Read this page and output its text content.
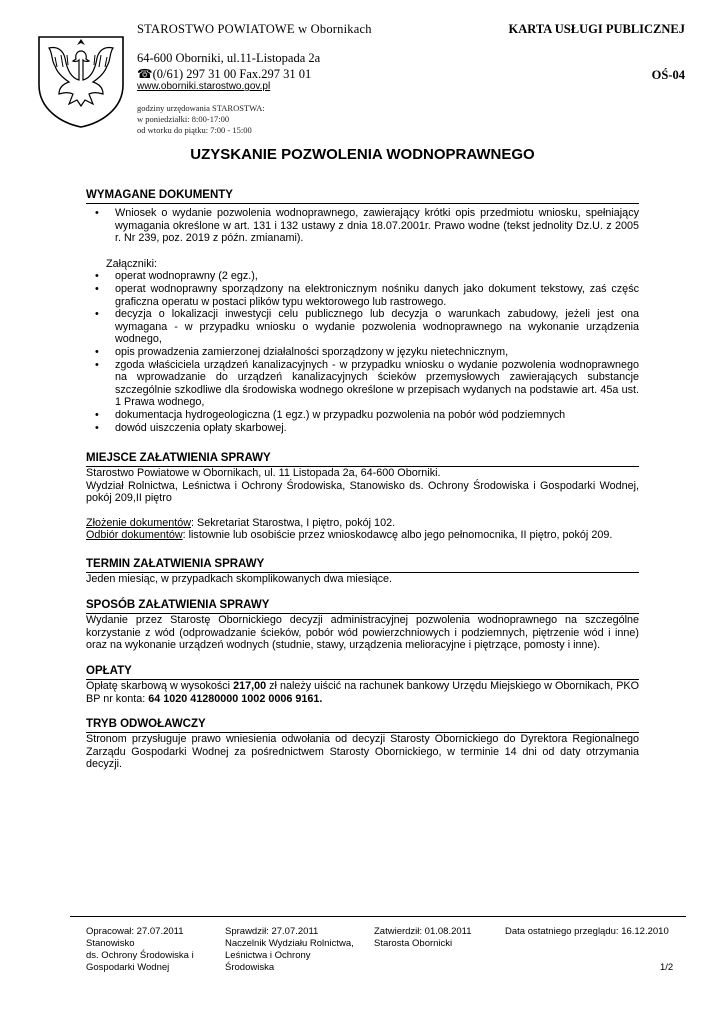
STAROSTWO POWIATOWE w Obornikach
64-600 Oborniki, ul.11-Listopada 2a
☎(0/61) 297 31 00 Fax.297 31 01
www.oborniki.starostwo.gov.pl
godziny urzędowania STAROSTWA:
w poniedziałki: 8:00-17:00
od wtorku do piątku: 7:00 - 15:00
KARTA USŁUGI PUBLICZNEJ
OŚ-04
UZYSKANIE POZWOLENIA WODNOPRAWNEGO
WYMAGANE DOKUMENTY
• Wniosek o wydanie pozwolenia wodnoprawnego, zawierający krótki opis przedmiotu wniosku, spełniający wymagania określone w art. 131 i 132 ustawy z dnia 18.07.2001r. Prawo wodne (tekst jednolity Dz.U. z 2005 r. Nr 239, poz. 2019 z późn. zmianami).

Załączniki:

• operat wodnoprawny (2 egz.),
• operat wodnoprawny sporządzony na elektronicznym nośniku danych jako dokument tekstowy, zaś częśc graficzna operatu w postaci plików typu wektorowego lub rastrowego.
• decyzja o lokalizacji inwestycji celu publicznego lub decyzja o warunkach zabudowy, jeżeli jest ona wymagana - w przypadku wniosku o wydanie pozwolenia wodnoprawnego na wykonanie urządzenia wodnego,
• opis prowadzenia zamierzonej działalności sporządzony w języku nietechnicznym,
• zgoda właściciela urządzeń kanalizacyjnych - w przypadku wniosku o wydanie pozwolenia wodnoprawnego na wprowadzanie do urządzeń kanalizacyjnych ścieków przemysłowych zawierających substancje szczególnie szkodliwe dla środowiska wodnego określone w przepisach wydanych na podstawie art. 45a ust. 1 Prawa wodnego,
• dokumentacja hydrogeologiczna (1 egz.) w przypadku pozwolenia na pobór wód podziemnych
• dowód uiszczenia opłaty skarbowej.
MIEJSCE ZAŁATWIENIA SPRAWY

Starostwo Powiatowe w Obornikach, ul. 11 Listopada 2a, 64-600 Oborniki.

Wydział Rolnictwa, Leśnictwa i Ochrony Środowiska, Stanowisko ds. Ochrony Środowiska i Gospodarki Wodnej, pokój 209,II piętro

Złożenie dokumentów: Sekretariat Starostwa, I piętro, pokój 102.

Odbiór dokumentów: listownie lub osobiście przez wnioskodawcę albo jego pełnomocnika, II piętro, pokój 209.

TERMIN ZAŁATWIENIA SPRAWY

Jeden miesiąc, w przypadkach skomplikowanych dwa miesiące.

SPOSÓB ZAŁATWIENIA SPRAWY

Wydanie przez Starostę Obornickiego decyzji administracyjnej pozwolenia wodnoprawnego na szczególne korzystanie z wód (odprowadzanie ścieków, pobór wód powierzchniowych i podziemnych, piętrzenie wód i inne) oraz na wykonanie urządzeń wodnych (studnie, stawy, urządzenia melioracyjne i piętrzące, pomosty i inne).

OPŁATY

Opłatę skarbową w wysokości 217,00 zł należy uiścić na rachunek bankowy Urzędu Miejskiego w Obornikach, PKO BP nr konta: 64 1020 41280000 1002 0006 9161.

TRYB ODWOŁAWCZY

Stronom przysługuje prawo wniesienia odwołania od decyzji Starosty Obornickiego do Dyrektora Regionalnego Zarządu Gospodarki Wodnej za pośrednictwem Starosty Obornickiego, w terminie 14 dni od daty otrzymania decyzji.

Opracował: 27.07.2011
Stanowisko
ds. Ochrony Środowiska i
Gospodarki Wodnej
Sprawdził: 27.07.2011
Naczelnik Wydziału Rolnictwa,
Leśnictwa i Ochrony
Środowiska
Zatwierdził: 01.08.2011
Starosta Obornicki
Data ostatniego przeglądu: 16.12.2010
1/2
